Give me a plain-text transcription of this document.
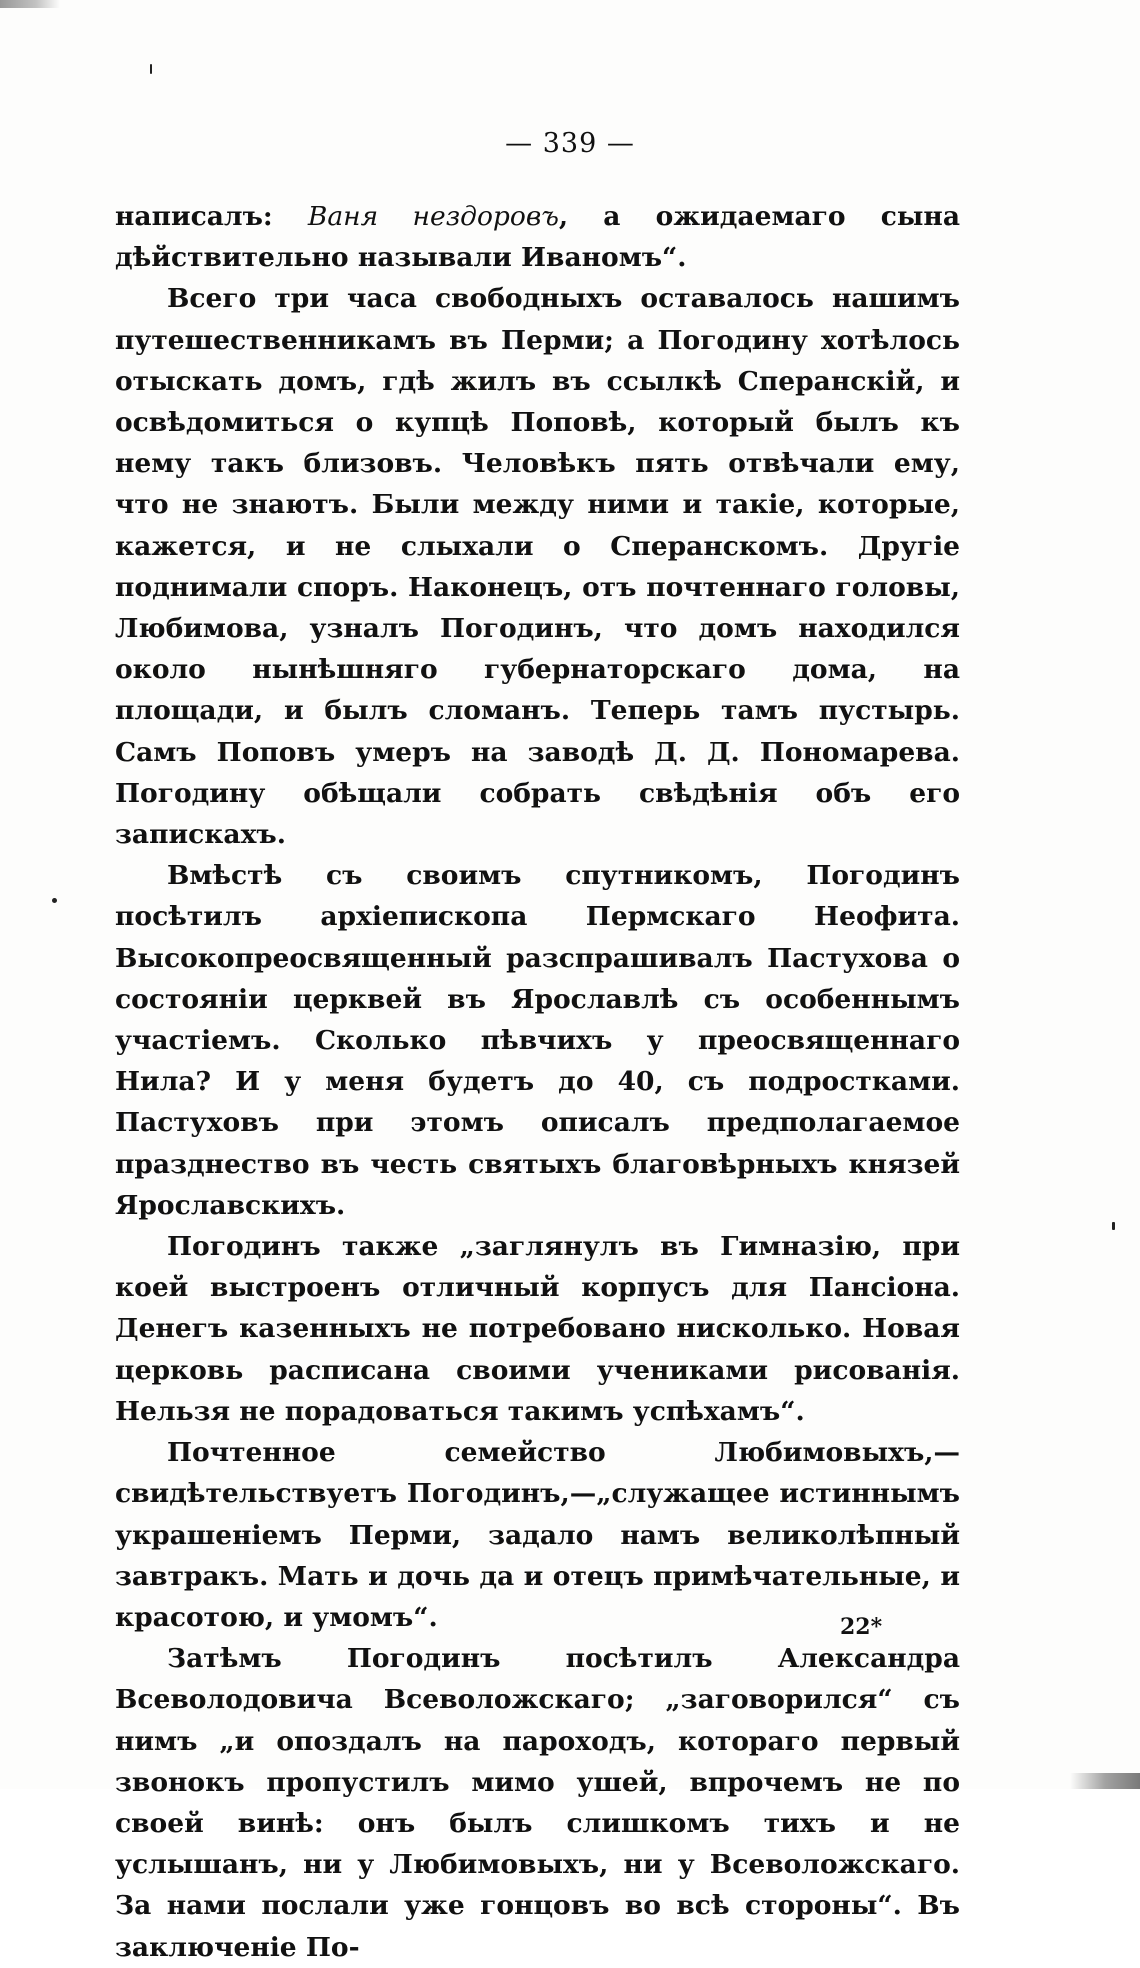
— 339 —

написалъ: Ваня нездоровъ, а ожидаемаго сына дѣйствительно называли Иваномъ“.

Всего три часа свободныхъ оставалось нашимъ путешественникамъ въ Перми; а Погодину хотѣлось отыскать домъ, гдѣ жилъ въ ссылкѣ Сперанскій, и освѣдомиться о купцѣ Поповѣ, который былъ къ нему такъ близовъ. Человѣкъ пять отвѣчали ему, что не знаютъ. Были между ними и такіе, которые, кажется, и не слыхали о Сперанскомъ. Другіе поднимали споръ. Наконецъ, отъ почтеннаго головы, Любимова, узналъ Погодинъ, что домъ находился около нынѣшняго губернаторскаго дома, на площади, и былъ сломанъ. Теперь тамъ пустырь. Самъ Поповъ умеръ на заводѣ Д. Д. Пономарева. Погодину обѣщали собрать свѣдѣнія объ его запискахъ.

Вмѣстѣ съ своимъ спутникомъ, Погодинъ посѣтилъ архіепископа Пермскаго Неофита. Высокопреосвященный разспрашивалъ Пастухова о состояніи церквей въ Ярославлѣ съ особеннымъ участіемъ. Сколько пѣвчихъ у преосвященнаго Нила? И у меня будетъ до 40, съ подростками. Пастуховъ при этомъ описалъ предполагаемое празднество въ честь святыхъ благовѣрныхъ князей Ярославскихъ.

Погодинъ также „заглянулъ въ Гимназію, при коей выстроенъ отличный корпусъ для Пансіона. Денегъ казенныхъ не потребовано нисколько. Новая церковь расписана своими учениками рисованія. Нельзя не порадоваться такимъ успѣхамъ“.

Почтенное семейство Любимовыхъ,—свидѣтельствуетъ Погодинъ,—„служащее истиннымъ украшеніемъ Перми, задало намъ великолѣпный завтракъ. Мать и дочь да и отецъ примѣчательные, и красотою, и умомъ“.

Затѣмъ Погодинъ посѣтилъ Александра Всеволодовича Всеволожскаго; „заговорился“ съ нимъ „и опоздалъ на пароходъ, котораго первый звонокъ пропустилъ мимо ушей, впрочемъ не по своей винѣ: онъ былъ слишкомъ тихъ и не услышанъ, ни у Любимовыхъ, ни у Всеволожскаго. За нами послали уже гонцовъ во всѣ стороны“. Въ заключеніе По-

22*
